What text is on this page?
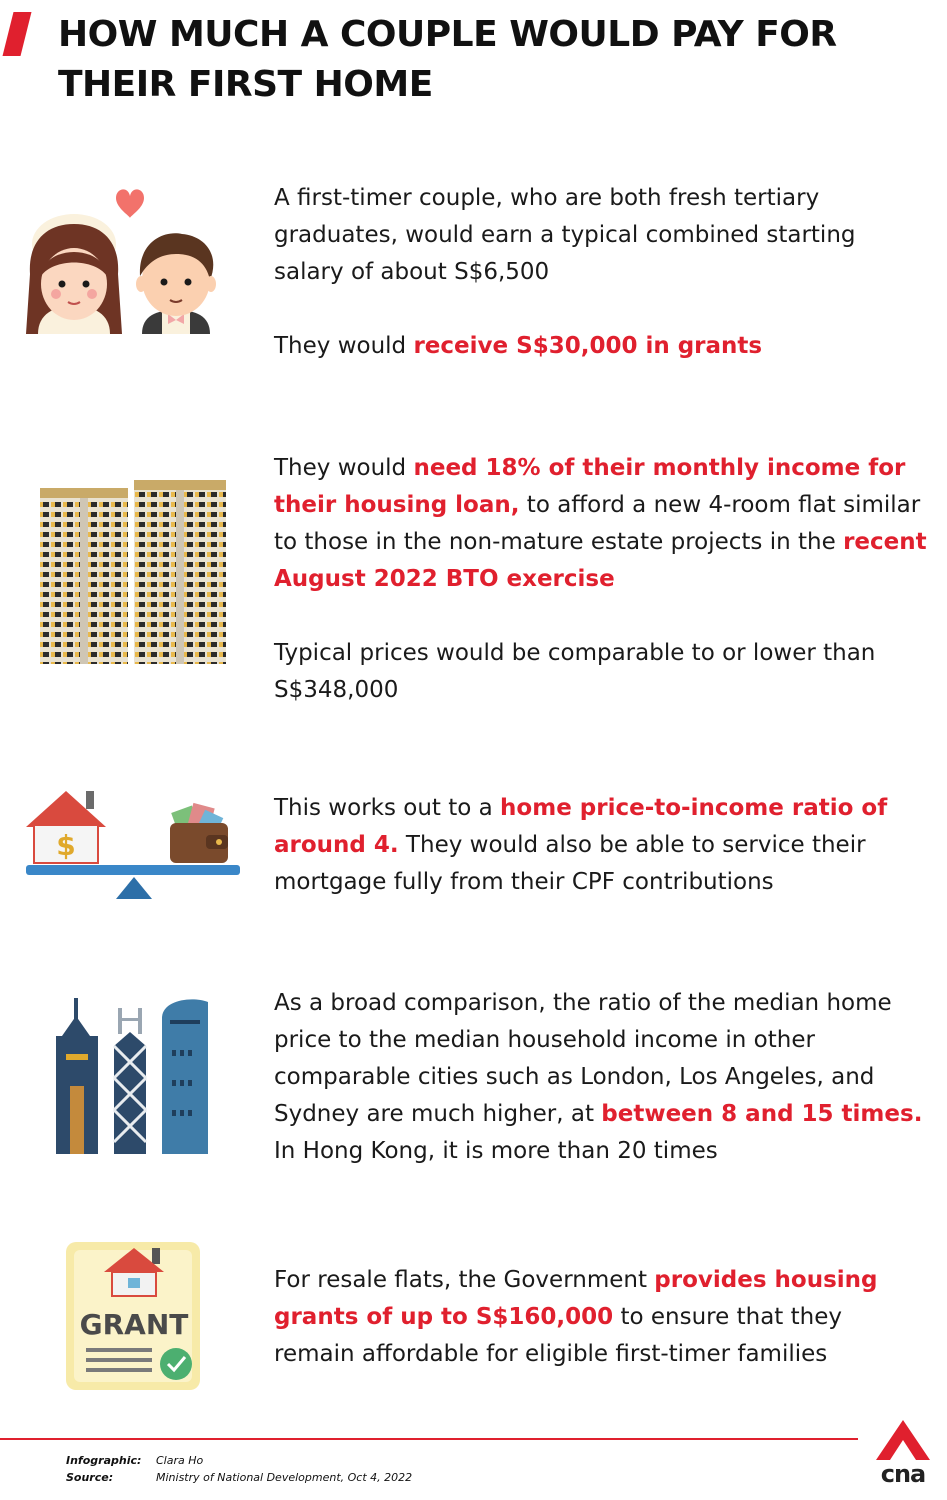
HOW MUCH A COUPLE WOULD PAY FOR THEIR FIRST HOME

A first-timer couple, who are both fresh tertiary graduates, would earn a typical combined starting salary of about S$6,500

They would receive S$30,000 in grants

They would need 18% of their monthly income for their housing loan, to afford a new 4-room flat similar to those in the non-mature estate projects in the recent August 2022 BTO exercise

Typical prices would be comparable to or lower than S$348,000

$

This works out to a home price-to-income ratio of around 4. They would also be able to service their mortgage fully from their CPF contributions

As a broad comparison, the ratio of the median home price to the median household income in other comparable cities such as London, Los Angeles, and Sydney are much higher, at between 8 and 15 times. In Hong Kong, it is more than 20 times

GRANT

For resale flats, the Government provides housing grants of up to S$160,000 to ensure that they remain affordable for eligible first-timer families

Infographic:	Clara Ho
Source:	Ministry of National Development, Oct 4, 2022	cna
